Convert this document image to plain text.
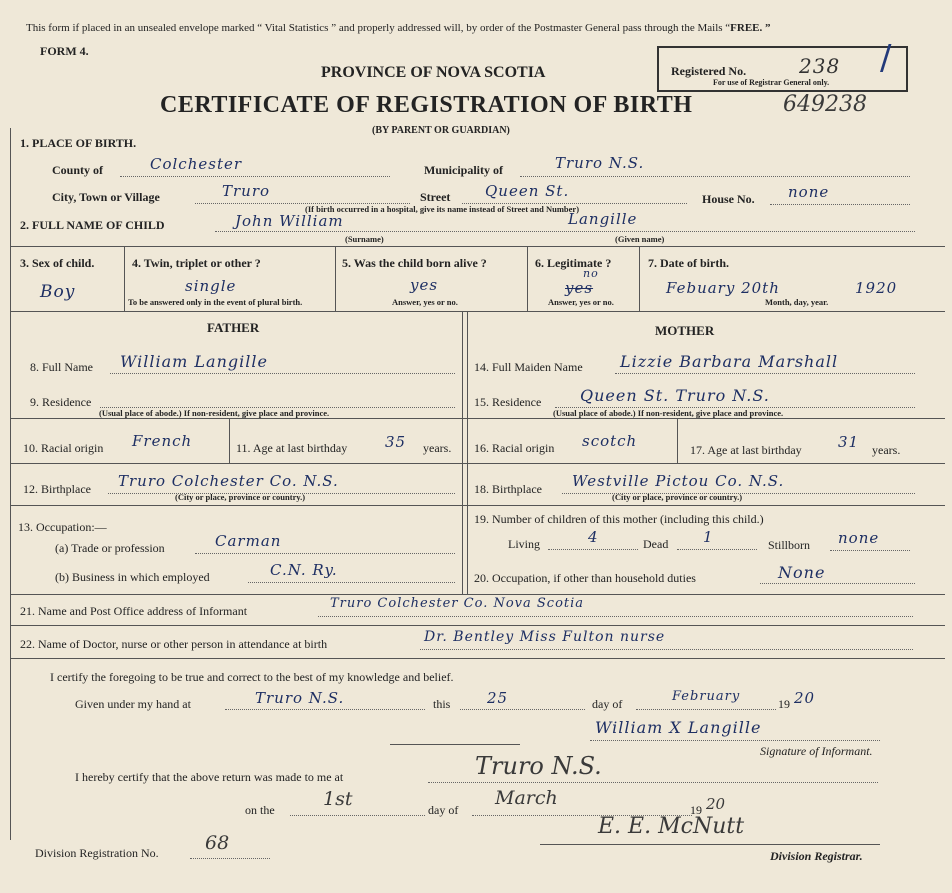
This form if placed in an unsealed envelope marked “ Vital Statistics ” and properly addressed will, by order of the Postmaster General pass through the Mails “FREE. ”
FORM 4.
PROVINCE OF NOVA SCOTIA
CERTIFICATE OF REGISTRATION OF BIRTH
(BY PARENT OR GUARDIAN)
Registered No.	238
For use of Registrar General only.
/
649238
1. PLACE OF BIRTH.
County of	Colchester	Municipality of	Truro N.S.
City, Town or Village	Truro	Street Queen St.	House No. none
(If birth occurred in a hospital, give its name instead of Street and Number)
2. FULL NAME OF CHILD	John William	Langille
(Surname)	(Given name)
3. Sex of child.
Boy
4. Twin, triplet or other ?
single
To be answered only in the event of plural birth.
5. Was the child born alive ?
yes
Answer, yes or no.
6. Legitimate ?
no
yes
Answer, yes or no.
7. Date of birth.
Febuary 20th	1920
Month, day, year.
FATHER	MOTHER
8. Full Name William Langille
9. Residence
(Usual place of abode.) If non-resident, give place and province.
10. Racial origin French	11. Age at last birthday	35 years.
12. Birthplace Truro Colchester Co. N.S.
(City or place, province or country.)
13. Occupation:—
(a) Trade or profession	Carman
(b) Business in which employed	C.N. Ry.
14. Full Maiden Name Lizzie Barbara Marshall
15. Residence Queen St. Truro N.S.
(Usual place of abode.) If non-resident, give place and province.
16. Racial origin scotch	17. Age at last birthday 31 years.
18. Birthplace Westville Pictou Co. N.S.
(City or place, province or country.)
19. Number of children of this mother (including this child.)
Living	4	Dead 1	Stillborn none
20. Occupation, if other than household duties	None
21. Name and Post Office address of Informant	Truro Colchester Co. Nova Scotia
22. Name of Doctor, nurse or other person in attendance at birth	Dr. Bentley Miss Fulton nurse
I certify the foregoing to be true and correct to the best of my knowledge and belief.
Given under my hand at	Truro N.S.	this 25	day of	February	19 20
William X Langille
Signature of Informant.
I hereby certify that the above return was made to me at	Truro N.S.
on the	1st	day of
March
19 20
E. E. McNutt
Division Registrar.
Division Registration No. 68
